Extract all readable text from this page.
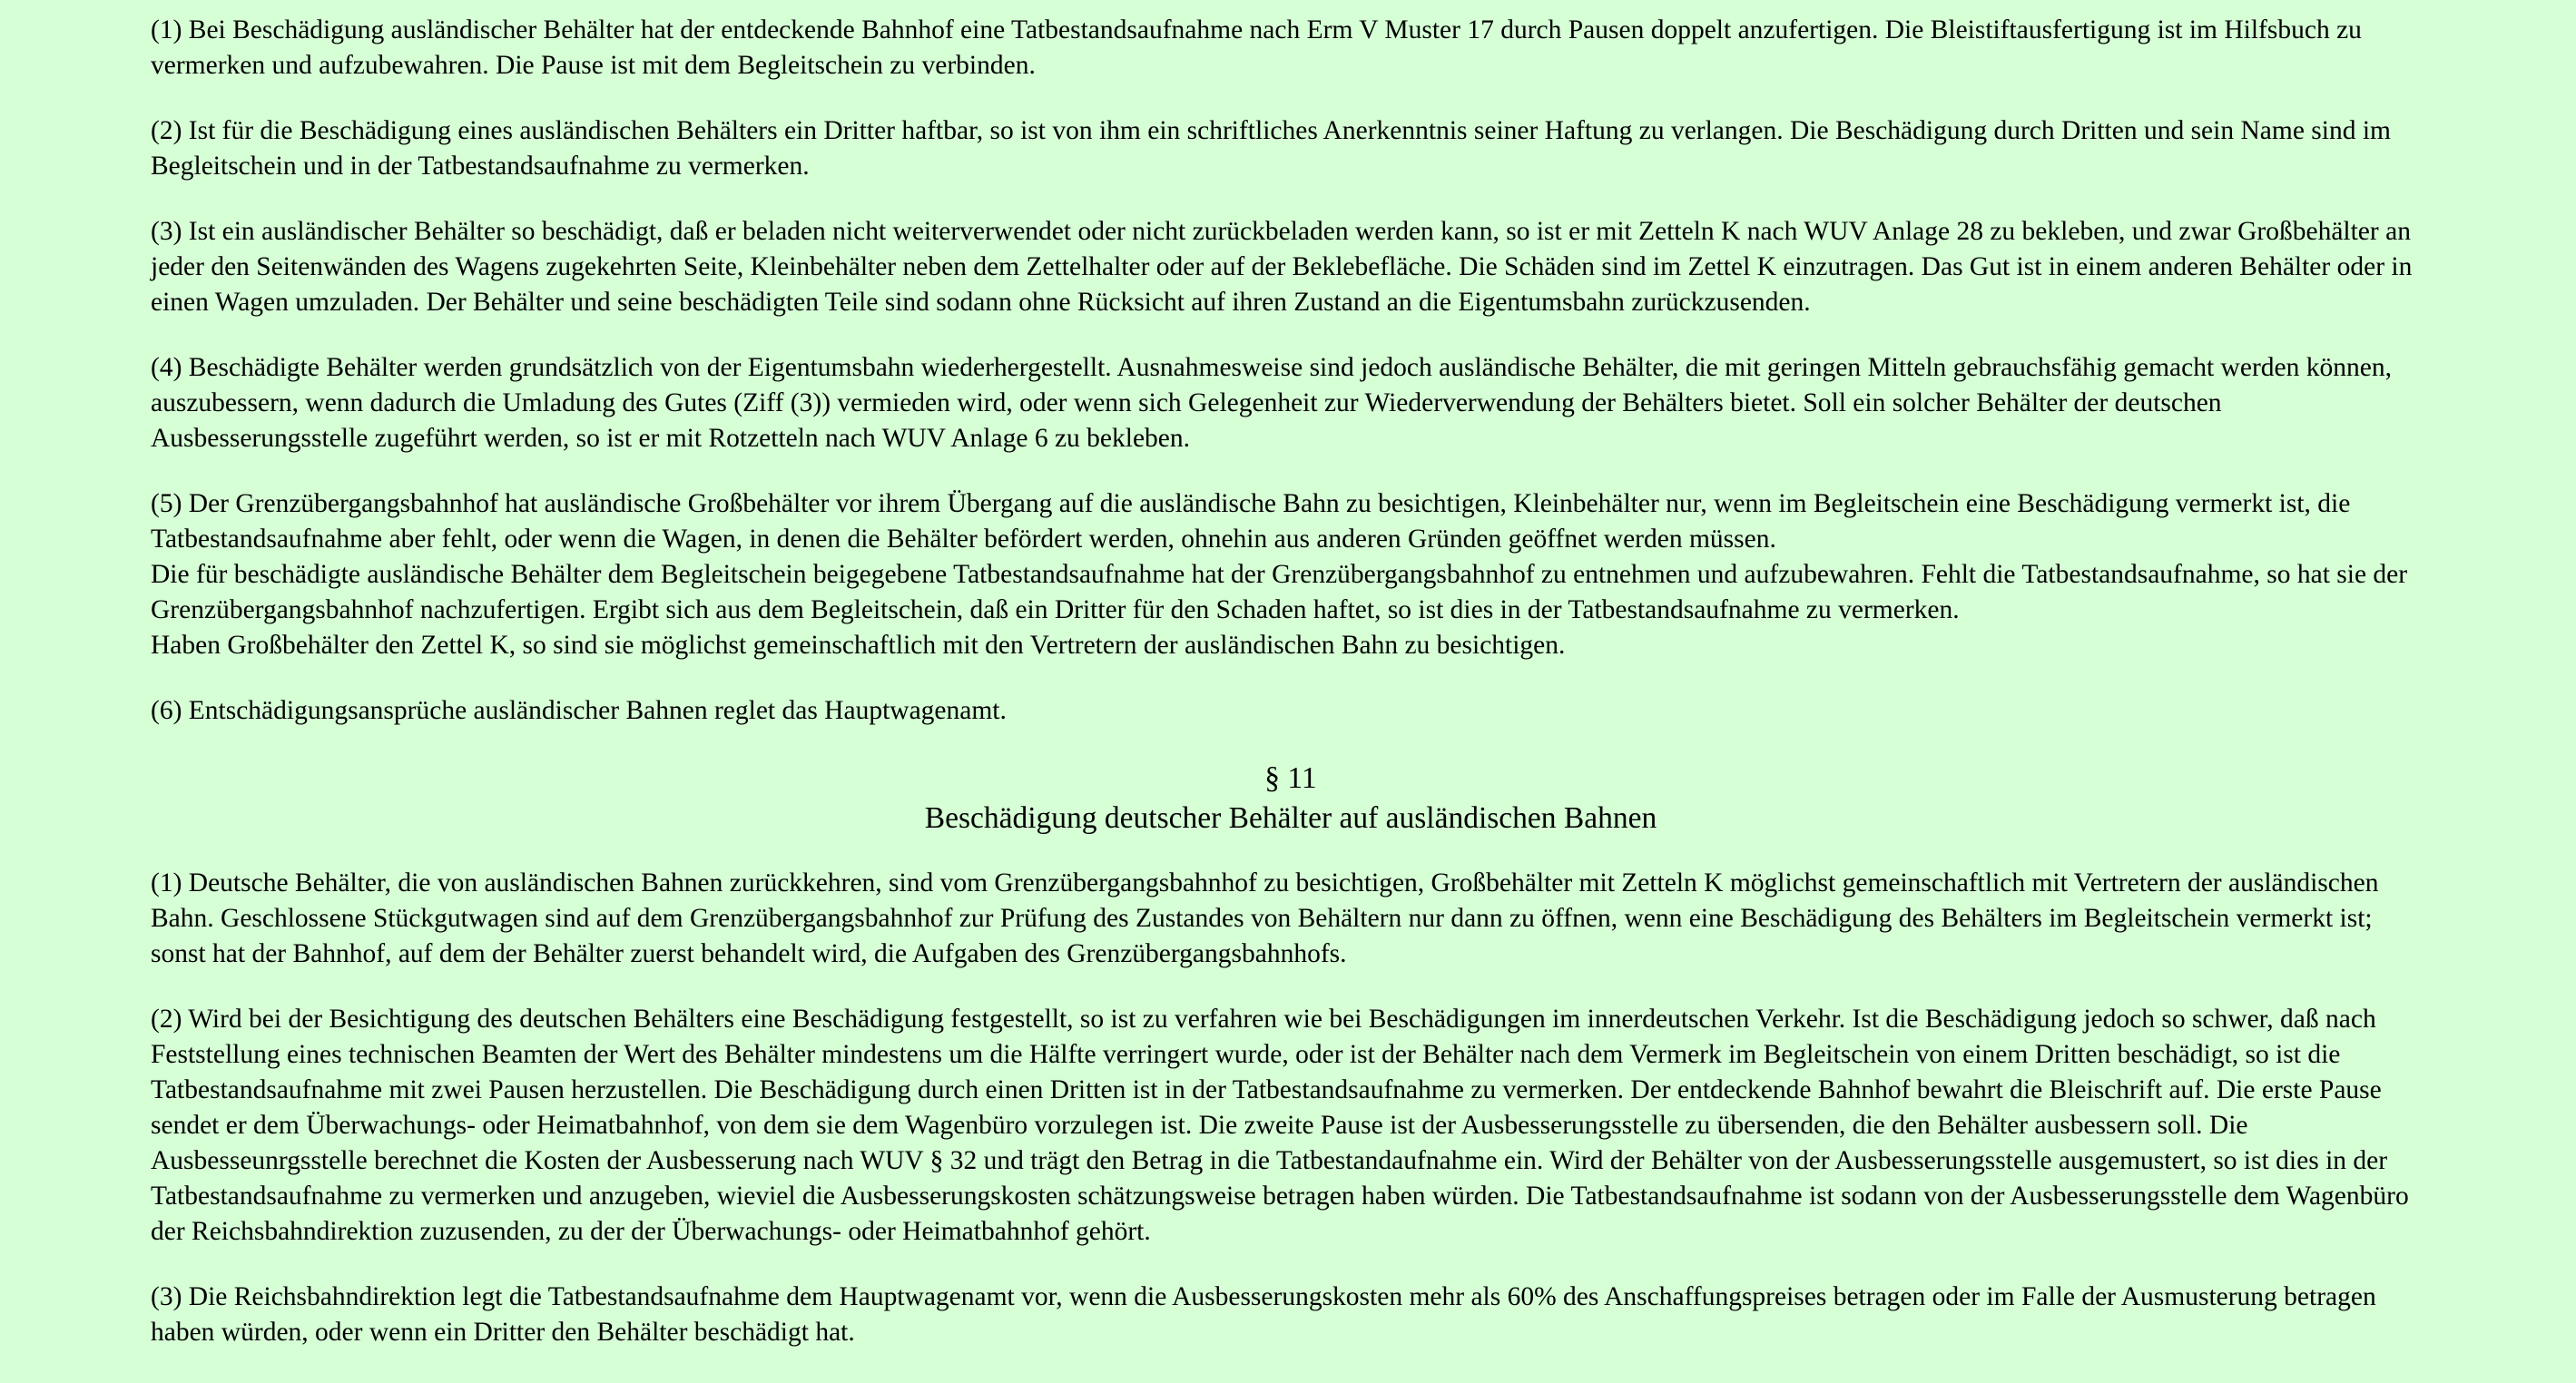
(1) Bei Beschädigung ausländischer Behälter hat der entdeckende Bahnhof eine Tatbestandsaufnahme nach Erm V Muster 17 durch Pausen doppelt anzufertigen. Die Bleistiftausfertigung ist im Hilfsbuch zu vermerken und aufzubewahren. Die Pause ist mit dem Begleitschein zu verbinden.

(2) Ist für die Beschädigung eines ausländischen Behälters ein Dritter haftbar, so ist von ihm ein schriftliches Anerkenntnis seiner Haftung zu verlangen. Die Beschädigung durch Dritten und sein Name sind im Begleitschein und in der Tatbestandsaufnahme zu vermerken.

(3) Ist ein ausländischer Behälter so beschädigt, daß er beladen nicht weiterverwendet oder nicht zurückbeladen werden kann, so ist er mit Zetteln K nach WUV Anlage 28 zu bekleben, und zwar Großbehälter an jeder den Seitenwänden des Wagens zugekehrten Seite, Kleinbehälter neben dem Zettelhalter oder auf der Beklebefläche. Die Schäden sind im Zettel K einzutragen. Das Gut ist in einem anderen Behälter oder in einen Wagen umzuladen. Der Behälter und seine beschädigten Teile sind sodann ohne Rücksicht auf ihren Zustand an die Eigentumsbahn zurückzusenden.

(4) Beschädigte Behälter werden grundsätzlich von der Eigentumsbahn wiederhergestellt. Ausnahmesweise sind jedoch ausländische Behälter, die mit geringen Mitteln gebrauchsfähig gemacht werden können, auszubessern, wenn dadurch die Umladung des Gutes (Ziff (3)) vermieden wird, oder wenn sich Gelegenheit zur Wiederverwendung der Behälters bietet. Soll ein solcher Behälter der deutschen Ausbesserungsstelle zugeführt werden, so ist er mit Rotzetteln nach WUV Anlage 6 zu bekleben.

(5) Der Grenzübergangsbahnhof hat ausländische Großbehälter vor ihrem Übergang auf die ausländische Bahn zu besichtigen, Kleinbehälter nur, wenn im Begleitschein eine Beschädigung vermerkt ist, die Tatbestandsaufnahme aber fehlt, oder wenn die Wagen, in denen die Behälter befördert werden, ohnehin aus anderen Gründen geöffnet werden müssen.
Die für beschädigte ausländische Behälter dem Begleitschein beigegebene Tatbestandsaufnahme hat der Grenzübergangsbahnhof zu entnehmen und aufzubewahren. Fehlt die Tatbestandsaufnahme, so hat sie der Grenzübergangsbahnhof nachzufertigen. Ergibt sich aus dem Begleitschein, daß ein Dritter für den Schaden haftet, so ist dies in der Tatbestandsaufnahme zu vermerken.
Haben Großbehälter den Zettel K, so sind sie möglichst gemeinschaftlich mit den Vertretern der ausländischen Bahn zu besichtigen.

(6) Entschädigungsansprüche ausländischer Bahnen reglet das Hauptwagenamt.

§ 11
Beschädigung deutscher Behälter auf ausländischen Bahnen

(1) Deutsche Behälter, die von ausländischen Bahnen zurückkehren, sind vom Grenzübergangsbahnhof zu besichtigen, Großbehälter mit Zetteln K möglichst gemeinschaftlich mit Vertretern der ausländischen Bahn. Geschlossene Stückgutwagen sind auf dem Grenzübergangsbahnhof zur Prüfung des Zustandes von Behältern nur dann zu öffnen, wenn eine Beschädigung des Behälters im Begleitschein vermerkt ist; sonst hat der Bahnhof, auf dem der Behälter zuerst behandelt wird, die Aufgaben des Grenzübergangsbahnhofs.

(2) Wird bei der Besichtigung des deutschen Behälters eine Beschädigung festgestellt, so ist zu verfahren wie bei Beschädigungen im innerdeutschen Verkehr. Ist die Beschädigung jedoch so schwer, daß nach Feststellung eines technischen Beamten der Wert des Behälter mindestens um die Hälfte verringert wurde, oder ist der Behälter nach dem Vermerk im Begleitschein von einem Dritten beschädigt, so ist die Tatbestandsaufnahme mit zwei Pausen herzustellen. Die Beschädigung durch einen Dritten ist in der Tatbestandsaufnahme zu vermerken. Der entdeckende Bahnhof bewahrt die Bleischrift auf. Die erste Pause sendet er dem Überwachungs- oder Heimatbahnhof, von dem sie dem Wagenbüro vorzulegen ist. Die zweite Pause ist der Ausbesserungsstelle zu übersenden, die den Behälter ausbessern soll. Die Ausbesseunrgsstelle berechnet die Kosten der Ausbesserung nach WUV § 32 und trägt den Betrag in die Tatbestandaufnahme ein. Wird der Behälter von der Ausbesserungsstelle ausgemustert, so ist dies in der Tatbestandsaufnahme zu vermerken und anzugeben, wieviel die Ausbesserungskosten schätzungsweise betragen haben würden. Die Tatbestandsaufnahme ist sodann von der Ausbesserungsstelle dem Wagenbüro der Reichsbahndirektion zuzusenden, zu der der Überwachungs- oder Heimatbahnhof gehört.

(3) Die Reichsbahndirektion legt die Tatbestandsaufnahme dem Hauptwagenamt vor, wenn die Ausbesserungskosten mehr als 60% des Anschaffungspreises betragen oder im Falle der Ausmusterung betragen haben würden, oder wenn ein Dritter den Behälter beschädigt hat.
